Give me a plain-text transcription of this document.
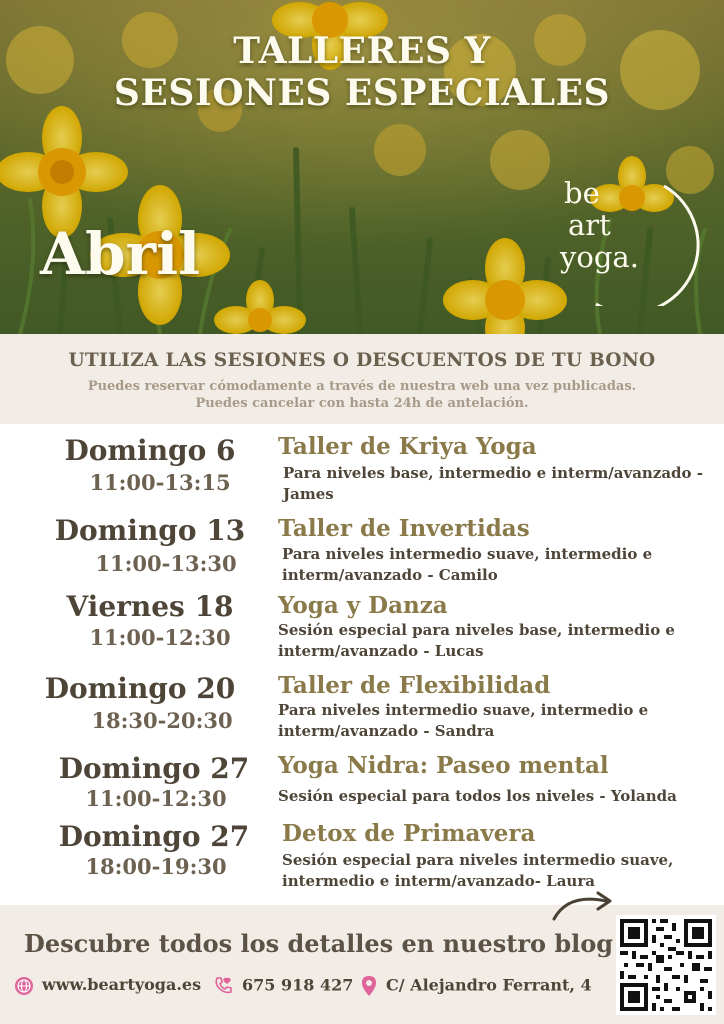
TALLERES Y
SESIONES ESPECIALES
Abril
be
art
yoga.
UTILIZA LAS SESIONES O DESCUENTOS DE TU BONO

Puedes reservar cómodamente a través de nuestra web una vez publicadas.
Puedes cancelar con hasta 24h de antelación.

Domingo 6
11:00-13:15
Taller de Kriya Yoga
Para niveles base, intermedio e interm/avanzado -
James
Domingo 13
11:00-13:30
Taller de Invertidas
Para niveles intermedio suave, intermedio e
interm/avanzado - Camilo
Viernes 18
11:00-12:30
Yoga y Danza
Sesión especial para niveles base, intermedio e
interm/avanzado - Lucas
Domingo 20
18:30-20:30
Taller de Flexibilidad
Para niveles intermedio suave, intermedio e
interm/avanzado - Sandra
Domingo 27
11:00-12:30
Yoga Nidra: Paseo mental
Sesión especial para todos los niveles - Yolanda
Domingo 27
18:00-19:30
Detox de Primavera
Sesión especial para niveles intermedio suave,
intermedio e interm/avanzado- Laura
Descubre todos los detalles en nuestro blog
www.beartyoga.es	675 918 427	C/ Alejandro Ferrant, 4
